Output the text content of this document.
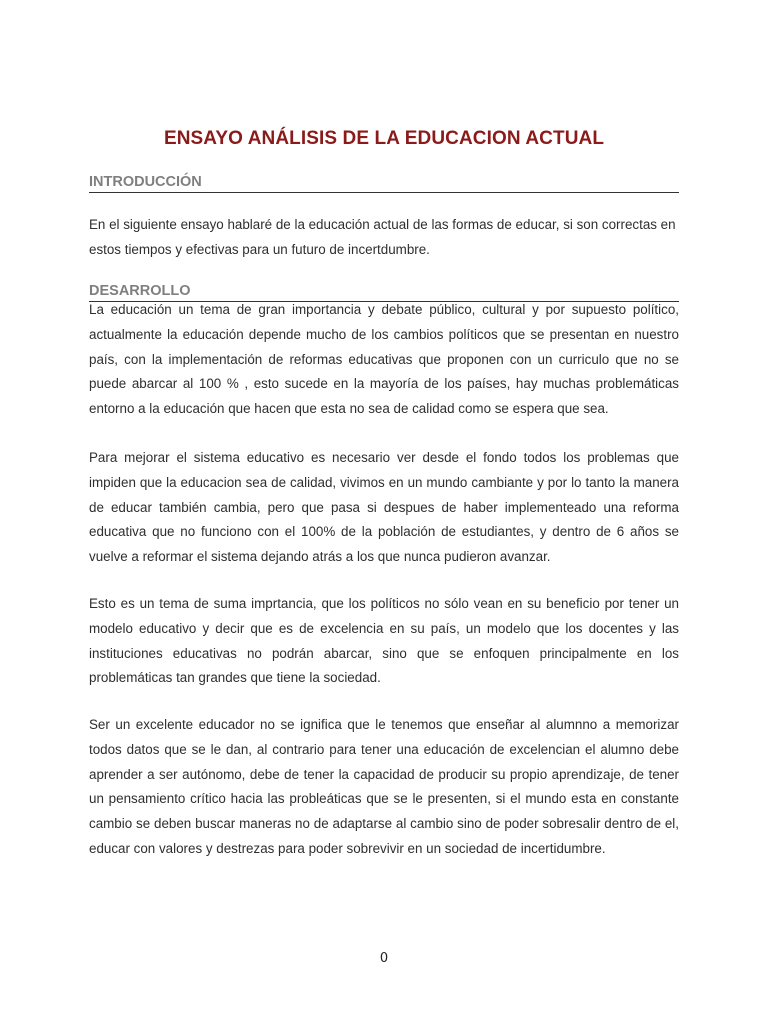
ENSAYO ANÁLISIS DE LA EDUCACION ACTUAL
INTRODUCCIÓN
En el siguiente ensayo hablaré de la educación actual de las formas de educar, si son correctas en estos tiempos y efectivas para un futuro de incertdumbre.
DESARROLLO
La educación un tema de gran importancia y debate público, cultural y por supuesto político, actualmente la educación depende mucho de los cambios políticos que se presentan en nuestro país, con la implementación de reformas educativas que proponen con un curriculo que no se puede abarcar al 100 % , esto sucede en la mayoría de los países, hay muchas problemáticas entorno a la educación que hacen que esta no sea de calidad como se espera que sea.
Para mejorar el sistema educativo es necesario ver desde el fondo todos los problemas que impiden que la educacion sea de calidad, vivimos en un mundo cambiante y por lo tanto la manera de educar también cambia, pero que pasa si despues de haber implementeado una reforma educativa que no funciono con el 100% de la población de estudiantes, y dentro de 6 años se vuelve a reformar el sistema dejando atrás a los que nunca pudieron avanzar.
Esto es un tema de suma imprtancia, que los políticos no sólo vean en su beneficio por tener un modelo educativo y decir que es de excelencia en su país, un modelo que los docentes y las instituciones educativas no podrán abarcar, sino que se enfoquen principalmente en los problemáticas tan grandes que tiene la sociedad.
Ser un excelente educador no se ignifica que le tenemos que enseñar al alumnno a memorizar todos datos que se le dan, al contrario para tener una educación de excelencian el alumno debe aprender a ser autónomo, debe de tener la capacidad de producir su propio aprendizaje, de tener un pensamiento crítico hacia las probleáticas que se le presenten, si el mundo esta en constante cambio se deben buscar maneras no de adaptarse al cambio sino de poder sobresalir dentro de el, educar con valores y destrezas para poder sobrevivir en un sociedad de incertidumbre.
0
